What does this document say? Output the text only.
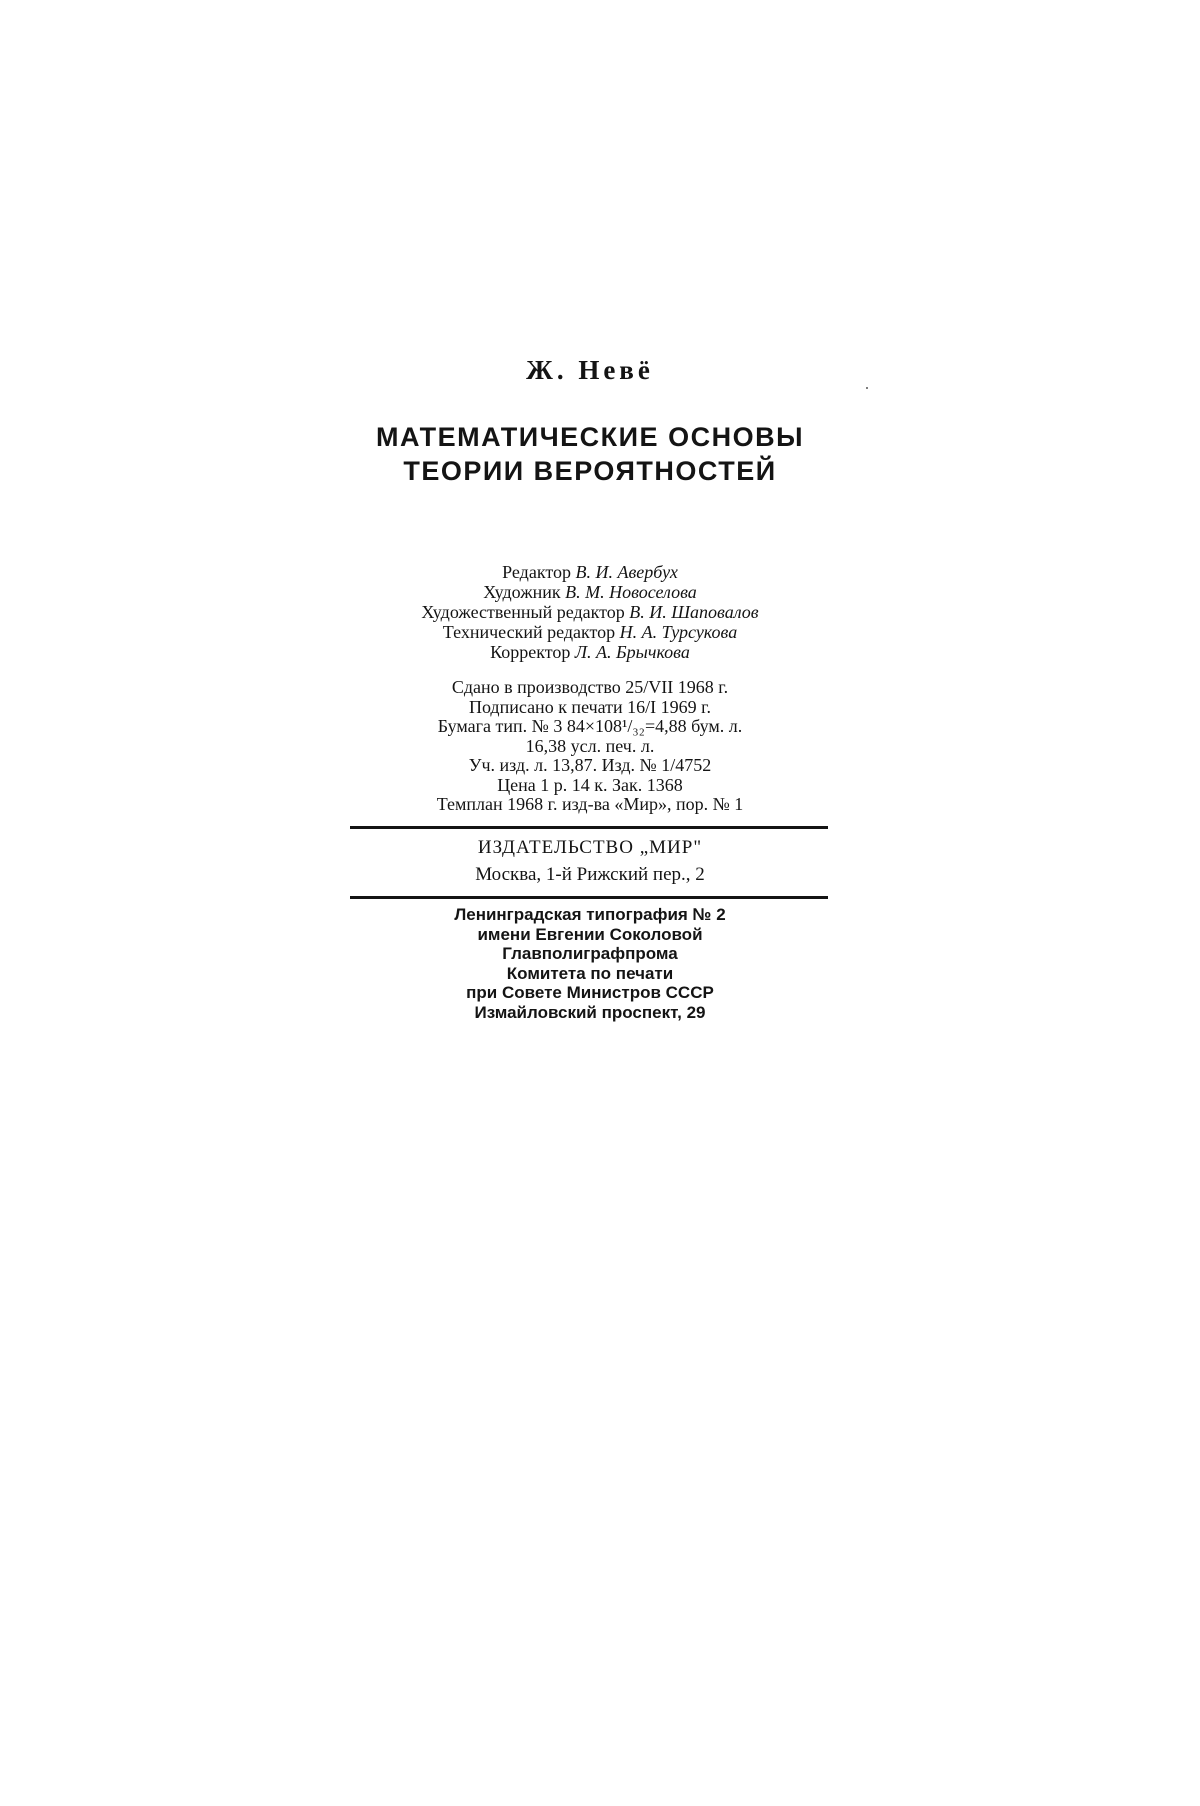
Ж. Невё
МАТЕМАТИЧЕСКИЕ ОСНОВЫ
ТЕОРИИ ВЕРОЯТНОСТЕЙ
Редактор В. И. Авербух
Художник В. М. Новоселова
Художественный редактор В. И. Шаповалов
Технический редактор Н. А. Турсукова
Корректор Л. А. Брычкова
Сдано в производство 25/VII 1968 г.
Подписано к печати 16/I 1969 г.
Бумага тип. № 3 84×108¹/₃₂=4,88 бум. л.
16,38 усл. печ. л.
Уч. изд. л. 13,87. Изд. № 1/4752
Цена 1 р. 14 к. Зак. 1368
Темплан 1968 г. изд-ва «Мир», пор. № 1
ИЗДАТЕЛЬСТВО „МИР"
Москва, 1-й Рижский пер., 2
Ленинградская типография № 2
имени Евгении Соколовой
Главполиграфпрома
Комитета по печати
при Совете Министров СССР
Измайловский проспект, 29
